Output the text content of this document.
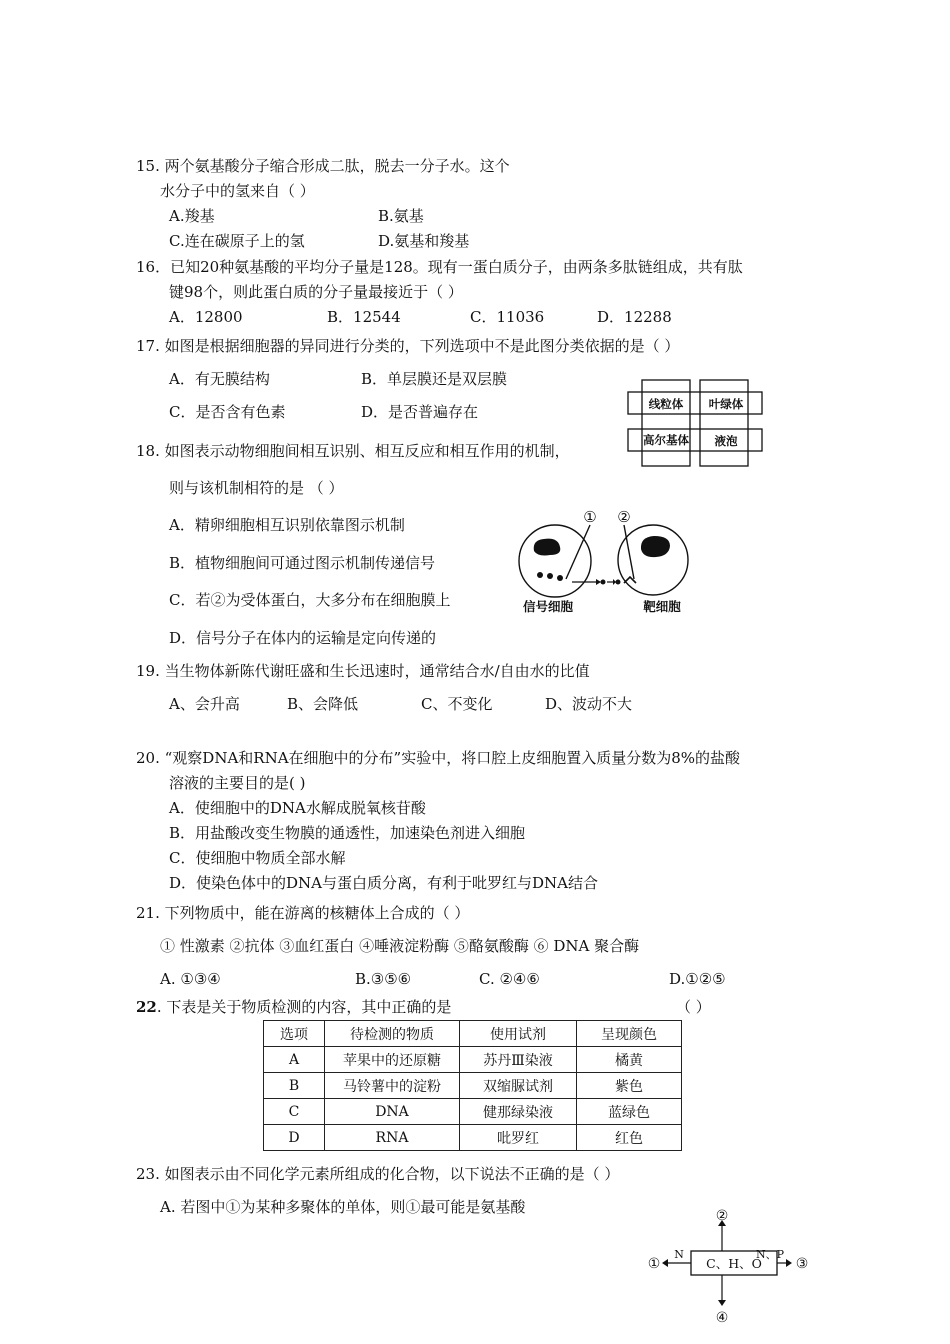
15. 两个氨基酸分子缩合形成二肽，脱去一分子水。这个
水分子中的氢来自（ ）
A.羧基	B.氨基
C.连在碳原子上的氢	D.氨基和羧基
16．已知20种氨基酸的平均分子量是128。现有一蛋白质分子，由两条多肽链组成，共有肽
键98个，则此蛋白质的分子量最接近于（ ）
A．12800	B．12544	C．11036	D．12288
17. 如图是根据细胞器的异同进行分类的，下列选项中不是此图分类依据的是（ ）
A．有无膜结构	B．单层膜还是双层膜
C．是否含有色素	D．是否普遍存在	线粒体 叶绿体
高尔基体 液泡
18. 如图表示动物细胞间相互识别、相互反应和相互作用的机制，
则与该机制相符的是 （ ）
A．精卵细胞相互识别依靠图示机制
B．植物细胞间可通过图示机制传递信号
C．若②为受体蛋白，大多分布在细胞膜上
D．信号分子在体内的运输是定向传递的
① ②
信号细胞	靶细胞
19. 当生物体新陈代谢旺盛和生长迅速时，通常结合水/自由水的比值
A、会升高	B、会降低	C、不变化	D、波动不大
20. “观察DNA和RNA在细胞中的分布”实验中，将口腔上皮细胞置入质量分数为8%的盐酸
溶液的主要目的是( )
A．使细胞中的DNA水解成脱氧核苷酸
B．用盐酸改变生物膜的通透性，加速染色剂进入细胞
C．使细胞中物质全部水解
D．使染色体中的DNA与蛋白质分离，有利于吡罗红与DNA结合
21. 下列物质中，能在游离的核糖体上合成的（ ）
① 性激素 ②抗体 ③血红蛋白 ④唾液淀粉酶 ⑤酪氨酸酶 ⑥ DNA 聚合酶
A. ①③④	B.③⑤⑥	C. ②④⑥	D.①②⑤
22. 下表是关于物质检测的内容，其中正确的是	（ ）
选项	待检测的物质	使用试剂	呈现颜色
A	苹果中的还原糖	苏丹Ⅲ染液	橘黄
B	马铃薯中的淀粉	双缩脲试剂	紫色
C	DNA	健那绿染液	蓝绿色
D	RNA	吡罗红	红色
23. 如图表示由不同化学元素所组成的化合物，以下说法不正确的是（ ）
A. 若图中①为某种多聚体的单体，则①最可能是氨基酸
C、H、O
②
④
①	③
N	N、P
